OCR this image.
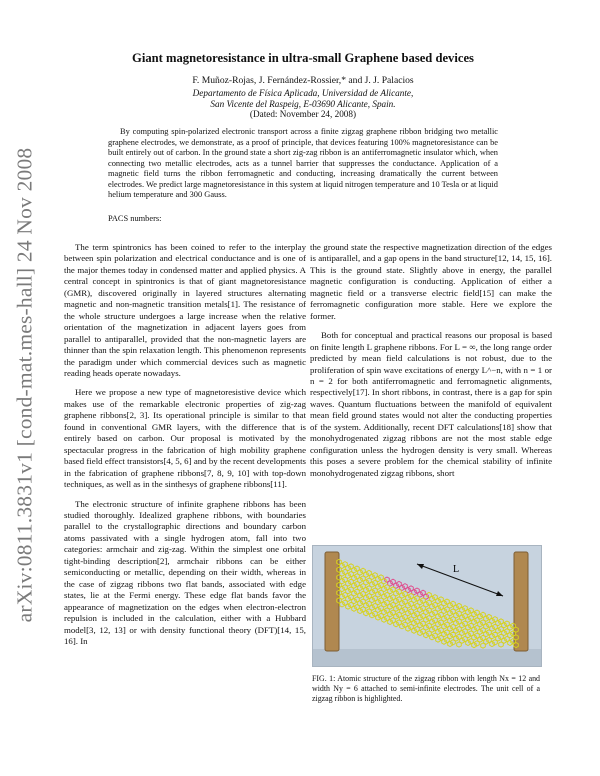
arXiv:0811.3831v1 [cond-mat.mes-hall] 24 Nov 2008
Giant magnetoresistance in ultra-small Graphene based devices
F. Muñoz-Rojas, J. Fernández-Rossier,* and J. J. Palacios
Departamento de Física Aplicada, Universidad de Alicante,
San Vicente del Raspeig, E-03690 Alicante, Spain.
(Dated: November 24, 2008)

By computing spin-polarized electronic transport across a finite zigzag graphene ribbon bridging two metallic graphene electrodes, we demonstrate, as a proof of principle, that devices featuring 100% magnetoresistance can be built entirely out of carbon. In the ground state a short zig-zag ribbon is an antiferromagnetic insulator which, when connecting two metallic electrodes, acts as a tunnel barrier that suppresses the conductance. Application of a magnetic field turns the ribbon ferromagnetic and conducting, increasing dramatically the current between electrodes. We predict large magnetoresistance in this system at liquid nitrogen temperature and 10 Tesla or at liquid helium temperature and 300 Gauss.

PACS numbers:

The term spintronics has been coined to refer to the interplay between spin polarization and electrical conductance and is one of the major themes today in condensed matter and applied physics. A central concept in spintronics is that of giant magnetoresistance (GMR), discovered originally in layered structures alternating magnetic and non-magnetic transition metals[1]. The resistance of the whole structure undergoes a large increase when the relative orientation of the magnetization in adjacent layers goes from parallel to antiparallel, provided that the non-magnetic layers are thinner than the spin relaxation length. This phenomenon represents the paradigm under which commercial devices such as magnetic reading heads operate nowadays.

Here we propose a new type of magnetoresistive device which makes use of the remarkable electronic properties of zig-zag graphene ribbons[2, 3]. Its operational principle is similar to that found in conventional GMR layers, with the difference that is entirely based on carbon. Our proposal is motivated by the spectacular progress in the fabrication of high mobility graphene based field effect transistors[4, 5, 6] and by the recent developments in the fabrication of graphene ribbons[7, 8, 9, 10] with top-down techniques, as well as in the sinthesys of graphene ribbons[11].

The electronic structure of infinite graphene ribbons has been studied thoroughly. Idealized graphene ribbons, with boundaries parallel to the crystallographic directions and boundary carbon atoms passivated with a single hydrogen atom, fall into two categories: armchair and zig-zag. Within the simplest one orbital tight-binding description[2], armchair ribbons can be either semiconducting or metallic, depending on their width, whereas in the case of zigzag ribbons two flat bands, associated with edge states, lie at the Fermi energy. These edge flat bands favor the appearance of magnetization on the edges when electron-electron repulsion is included in the calculation, either with a Hubbard model[3, 12, 13] or with density functional theory (DFT)[14, 15, 16]. In

the ground state the respective magnetization direction of the edges is antiparallel, and a gap opens in the band structure[12, 14, 15, 16]. This is the ground state. Slightly above in energy, the parallel magnetic configuration is conducting. Application of either a magnetic field or a transverse electric field[15] can make the ferromagnetic configuration more stable. Here we explore the former.

Both for conceptual and practical reasons our proposal is based on finite length L graphene ribbons. For L = ∞, the long range order predicted by mean field calculations is not robust, due to the proliferation of spin wave excitations of energy L^−n, with n = 1 or n = 2 for both antiferromagnetic and ferromagnetic alignments, respectively[17]. In short ribbons, in contrast, there is a gap for spin waves. Quantum fluctuations between the manifold of equivalent mean field ground states would not alter the conducting properties of the system. Additionally, recent DFT calculations[18] show that monohydrogenated zigzag ribbons are not the most stable edge configuration unless the hydrogen density is very small. Whereas this poses a severe problem for the chemical stability of infinite monohydrogenated zigzag ribbons, short

L
FIG. 1: Atomic structure of the zigzag ribbon with length Nx = 12 and width Ny = 6 attached to semi-infinite electrodes. The unit cell of a zigzag ribbon is highlighted.
